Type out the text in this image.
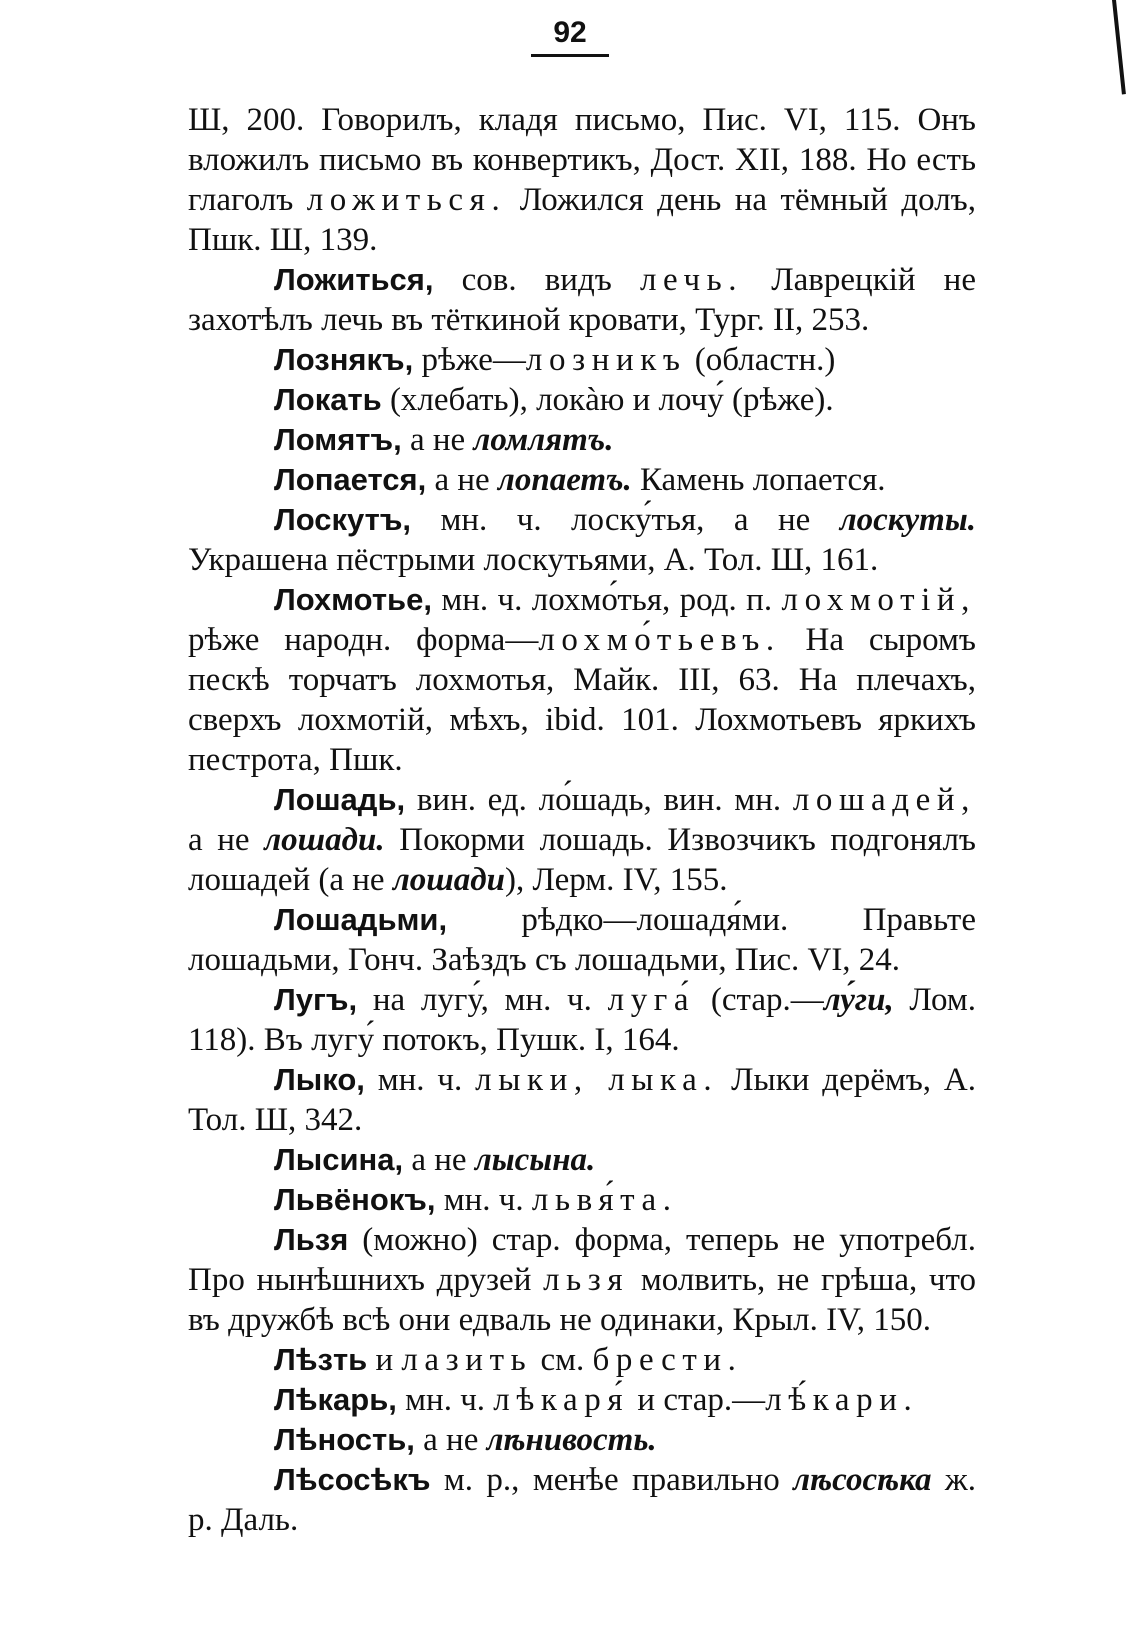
92

Ш, 200. Говорилъ, кладя письмо, Пис. VI, 115. Онъ вложилъ письмо въ конвертикъ, Дост. XII, 188. Но есть глаголъ ложиться. Ложился день на тёмный долъ, Пшк. Ш, 139.

Ложиться, сов. видъ лечь. Лаврецкій не захотѣлъ лечь въ тёткиной кровати, Тург. II, 253.

Лознякъ, рѣже—лозникъ (областн.)

Локать (хлебать), локàю и лочу́ (рѣже).

Ломятъ, а не ломлятъ.

Лопается, а не лопаетъ. Камень лопается.

Лоскутъ, мн. ч. лоску́тья, а не лоскуты. Украшена пёстрыми лоскутьями, А. Тол. Ш, 161.

Лохмотье, мн. ч. лохмо́тья, род. п. лохмотій, рѣже народн. форма—лохмо́тьевъ. На сыромъ пескѣ торчатъ лохмотья, Майк. III, 63. На плечахъ, сверхъ лохмотій, мѣхъ, ibid. 101. Лохмотьевъ яркихъ пестрота, Пшк.

Лошадь, вин. ед. ло́шадь, вин. мн. лошадей, а не лошади. Покорми лошадь. Извозчикъ подгонялъ лошадей (а не лошади), Лерм. IV, 155.

Лошадьми, рѣдко—лошадя́ми. Правьте лошадьми, Гонч. Заѣздъ съ лошадьми, Пис. VI, 24.

Лугъ, на лугу́, мн. ч. луга́ (стар.—лу́ги, Лом. 118). Въ лугу́ потокъ, Пушк. I, 164.

Лыко, мн. ч. лыки, лыка. Лыки дерёмъ, А. Тол. Ш, 342.

Лысина, а не лысына.

Львёнокъ, мн. ч. львя́та.

Льзя (можно) стар. форма, теперь не употребл. Про нынѣшнихъ друзей льзя молвить, не грѣша, что въ дружбѣ всѣ они едваль не одинаки, Крыл. IV, 150.

Лѣзть и лазить см. брести.

Лѣкарь, мн. ч. лѣкаря́ и стар.—лѣ́кари.

Лѣность, а не лѣнивость.

Лѣсосѣкъ м. р., менѣе правильно лѣсосѣка ж. р. Даль.
